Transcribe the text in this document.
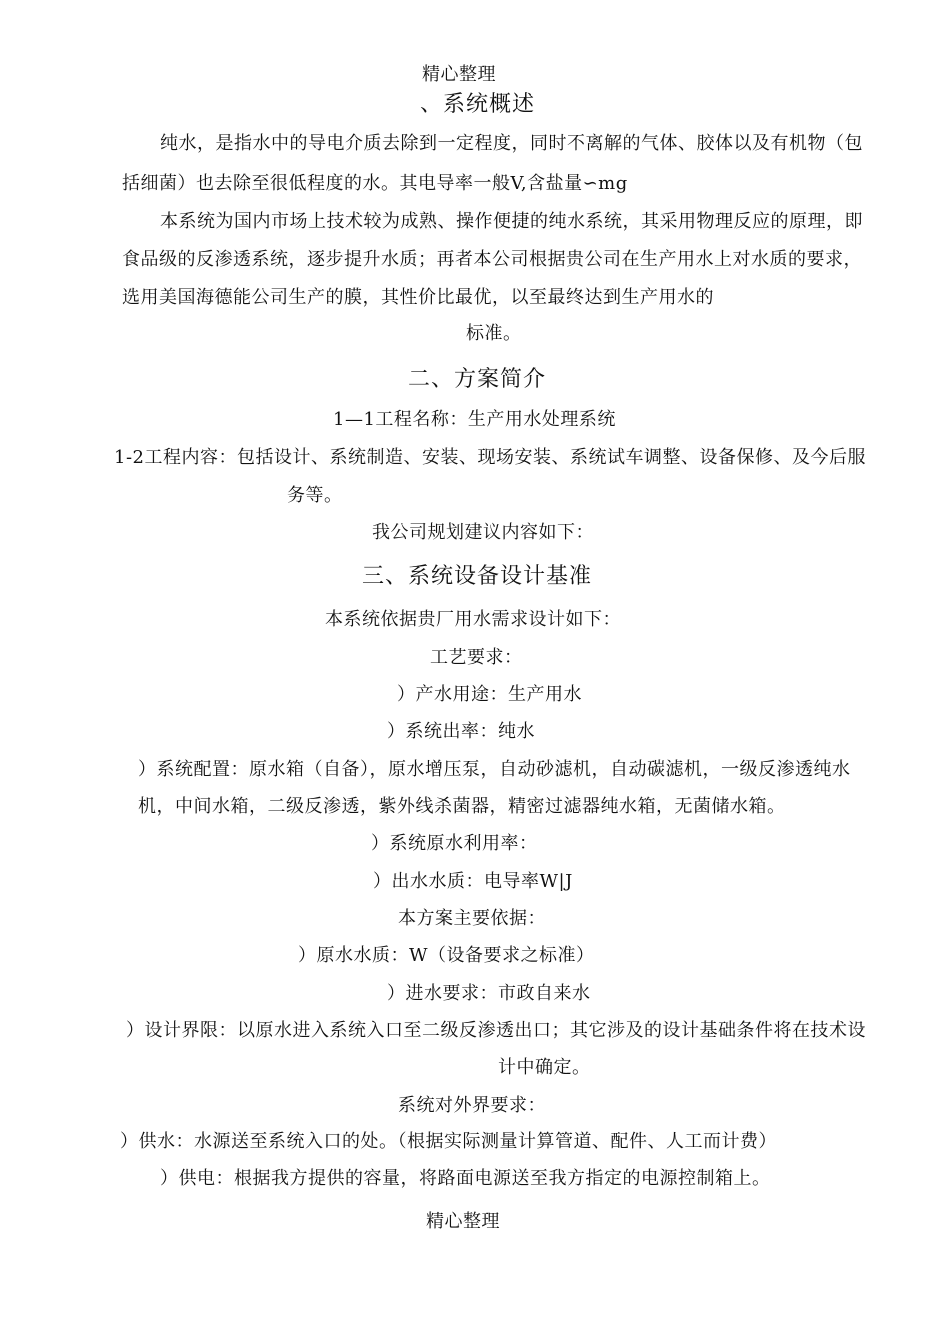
精心整理
、系统概述
纯水，是指水中的导电介质去除到一定程度，同时不离解的气体、胶体以及有机物（包
括细菌）也去除至很低程度的水。其电导率一般V,含盐量∽mg
本系统为国内市场上技术较为成熟、操作便捷的纯水系统，其采用物理反应的原理，即
食品级的反渗透系统，逐步提升水质；再者本公司根据贵公司在生产用水上对水质的要求，
选用美国海德能公司生产的膜，其性价比最优，以至最终达到生产用水的
标准。
二、方案简介
1—1工程名称：生产用水处理系统
1-2工程内容：包括设计、系统制造、安装、现场安装、系统试车调整、设备保修、及今后服
务等。
我公司规划建议内容如下：
三、系统设备设计基准
本系统依据贵厂用水需求设计如下：
工艺要求：
）产水用途：生产用水
）系统出率：纯水
）系统配置：原水箱（自备），原水增压泵，自动砂滤机，自动碳滤机，一级反渗透纯水
机，中间水箱，二级反渗透，紫外线杀菌器，精密过滤器纯水箱，无菌储水箱。
）系统原水利用率：
）出水水质：电导率W|J
本方案主要依据：
）原水水质：W（设备要求之标准）
）进水要求：市政自来水
）设计界限：以原水进入系统入口至二级反渗透出口；其它涉及的设计基础条件将在技术设
计中确定。
系统对外界要求：
）供水：水源送至系统入口的处。（根据实际测量计算管道、配件、人工而计费）
）供电：根据我方提供的容量，将路面电源送至我方指定的电源控制箱上。
精心整理
